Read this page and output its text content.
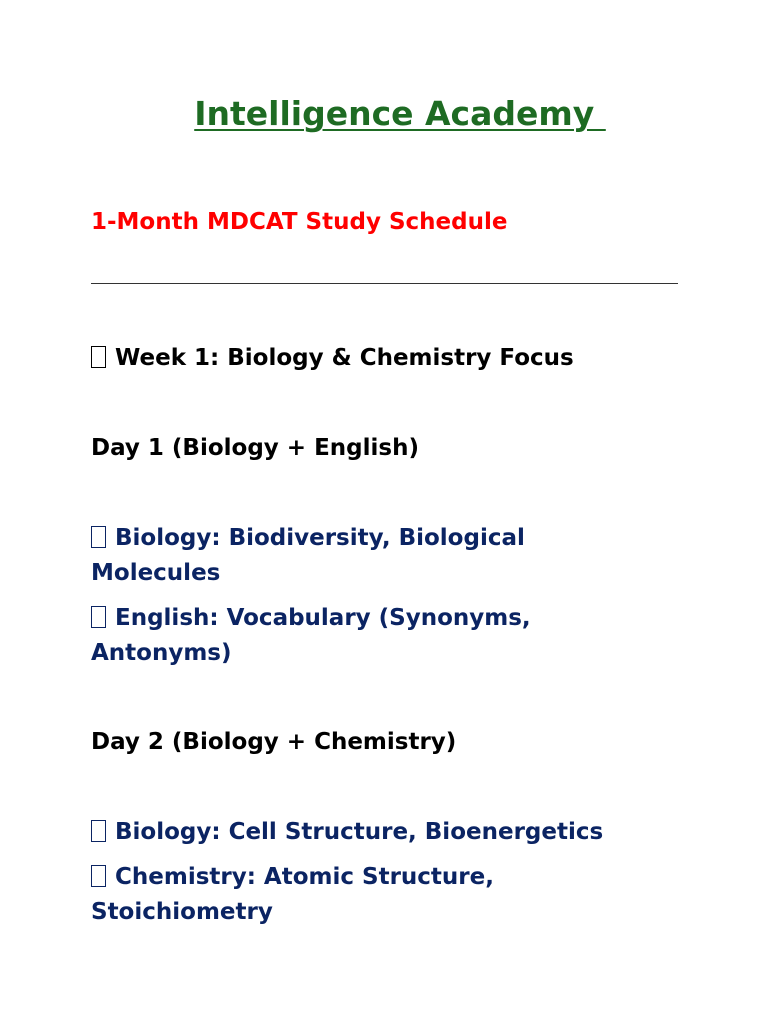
Intelligence Academy
1-Month MDCAT Study Schedule

Week 1: Biology & Chemistry Focus

Day 1 (Biology + English)

Biology: Biodiversity, Biological

Molecules

English: Vocabulary (Synonyms,

Antonyms)

Day 2 (Biology + Chemistry)

Biology: Cell Structure, Bioenergetics

Chemistry: Atomic Structure,

Stoichiometry
